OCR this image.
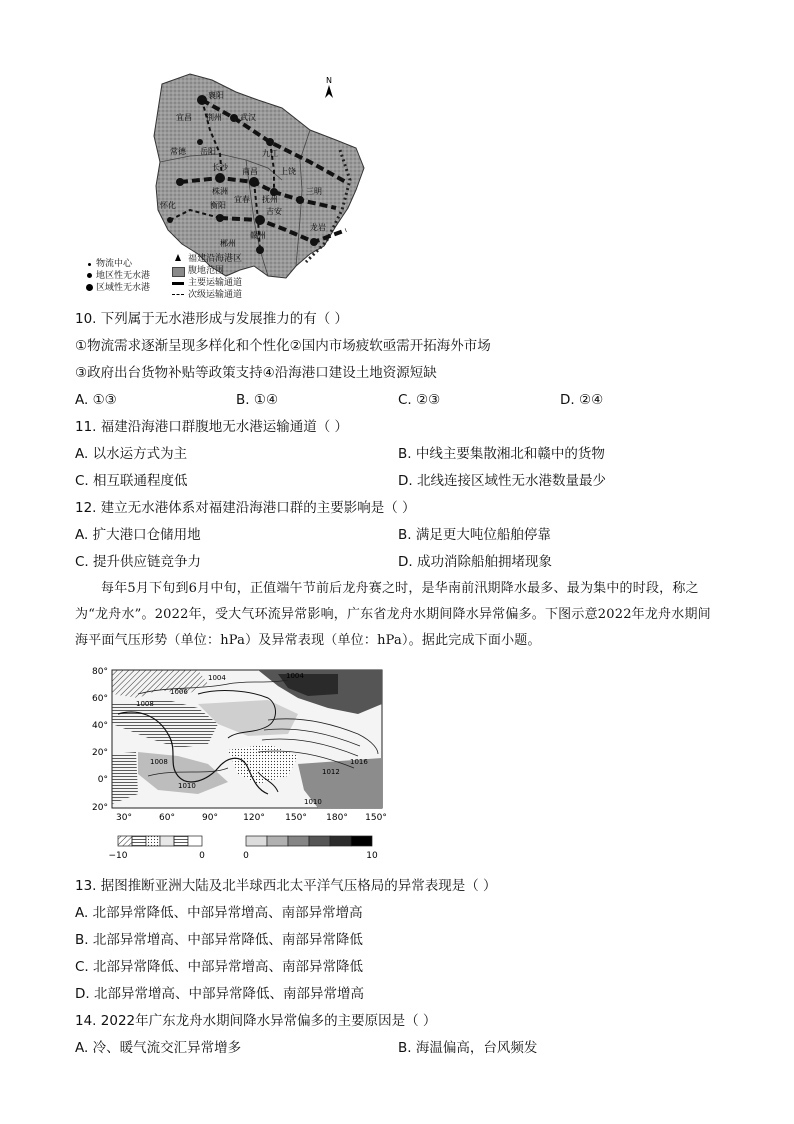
襄阳
宜昌 荆州 武汉
常德 岳阳	九江
南昌	上饶
长沙
株洲
抚州
衡阳
宜春
怀化
郴州
赣州
吉安
三明
龙岩
N
物流中心
地区性无水港
区域性无水港
福建沿海港区
腹地范围
主要运输通道
次级运输通道
10. 下列属于无水港形成与发展推力的有（ ）
①物流需求逐渐呈现多样化和个性化②国内市场疲软亟需开拓海外市场
③政府出台货物补贴等政策支持④沿海港口建设土地资源短缺
A. ①③	B. ①④	C. ②③	D. ②④
11. 福建沿海港口群腹地无水港运输通道（ ）
A. 以水运方式为主	B. 中线主要集散湘北和赣中的货物
C. 相互联通程度低	D. 北线连接区域性无水港数量最少
12. 建立无水港体系对福建沿海港口群的主要影响是（ ）
A. 扩大港口仓储用地	B. 满足更大吨位船舶停靠
C. 提升供应链竞争力	D. 成功消除船舶拥堵现象
每年5月下旬到6月中旬，正值端午节前后龙舟赛之时，是华南前汛期降水最多、最为集中的时段，称之为“龙舟水”。2022年，受大气环流异常影响，广东省龙舟水期间降水异常偏多。下图示意2022年龙舟水期间海平面气压形势（单位：hPa）及异常表现（单位：hPa）。据此完成下面小题。
1004	1004
1006
1008
1016
1012
1010
1008
1010
80°
60°
40°
20°
0°
20°
30°	60°	90°	120° 150° 180° 150°
−10	0	0	10
13. 据图推断亚洲大陆及北半球西北太平洋气压格局的异常表现是（ ）
A. 北部异常降低、中部异常增高、南部异常增高
B. 北部异常增高、中部异常降低、南部异常降低
C. 北部异常降低、中部异常增高、南部异常降低
D. 北部异常增高、中部异常降低、南部异常增高
14. 2022年广东龙舟水期间降水异常偏多的主要原因是（ ）
A. 冷、暖气流交汇异常增多	B. 海温偏高，台风频发
